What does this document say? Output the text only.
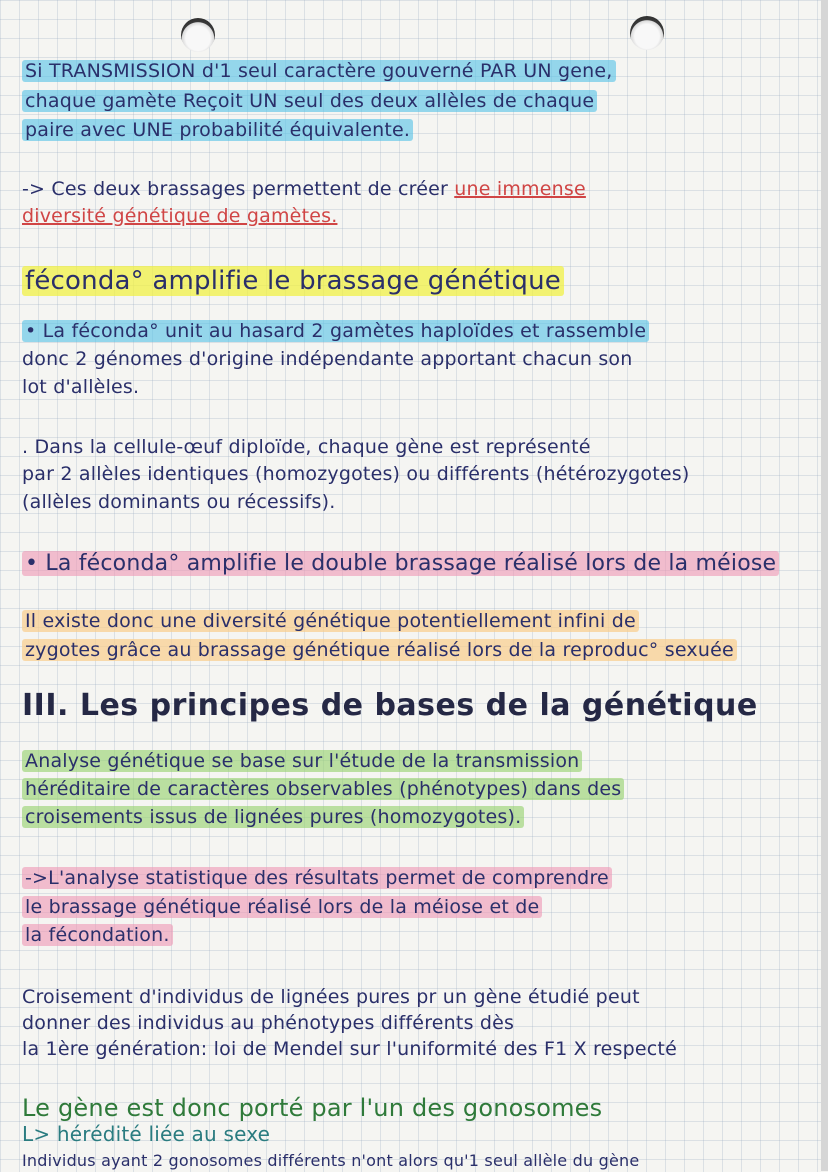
Si TRANSMISSION d'1 seul caractère gouverné PAR UN gene,
chaque gamète Reçoit UN seul des deux allèles de chaque
paire avec UNE probabilité équivalente.
-> Ces deux brassages permettent de créer une immense
diversité génétique de gamètes.
féconda° amplifie le brassage génétique
• La féconda° unit au hasard 2 gamètes haploïdes et rassemble
donc 2 génomes d'origine indépendante apportant chacun son
lot d'allèles.
. Dans la cellule-œuf diploïde, chaque gène est représenté
par 2 allèles identiques (homozygotes) ou différents (hétérozygotes)
(allèles dominants ou récessifs).
• La féconda° amplifie le double brassage réalisé lors de la méiose
Il existe donc une diversité génétique potentiellement infini de
zygotes grâce au brassage génétique réalisé lors de la reproduc° sexuée
III. Les principes de bases de la génétique
Analyse génétique se base sur l'étude de la transmission
héréditaire de caractères observables (phénotypes) dans des
croisements issus de lignées pures (homozygotes).
->L'analyse statistique des résultats permet de comprendre
le brassage génétique réalisé lors de la méiose et de
la fécondation.
Croisement d'individus de lignées pures pr un gène étudié peut
donner des individus au phénotypes différents dès
la 1ère génération: loi de Mendel sur l'uniformité des F1 X respecté
Le gène est donc porté par l'un des gonosomes
L> hérédité liée au sexe
Individus ayant 2 gonosomes différents n'ont alors qu'1 seul allèle du gène
